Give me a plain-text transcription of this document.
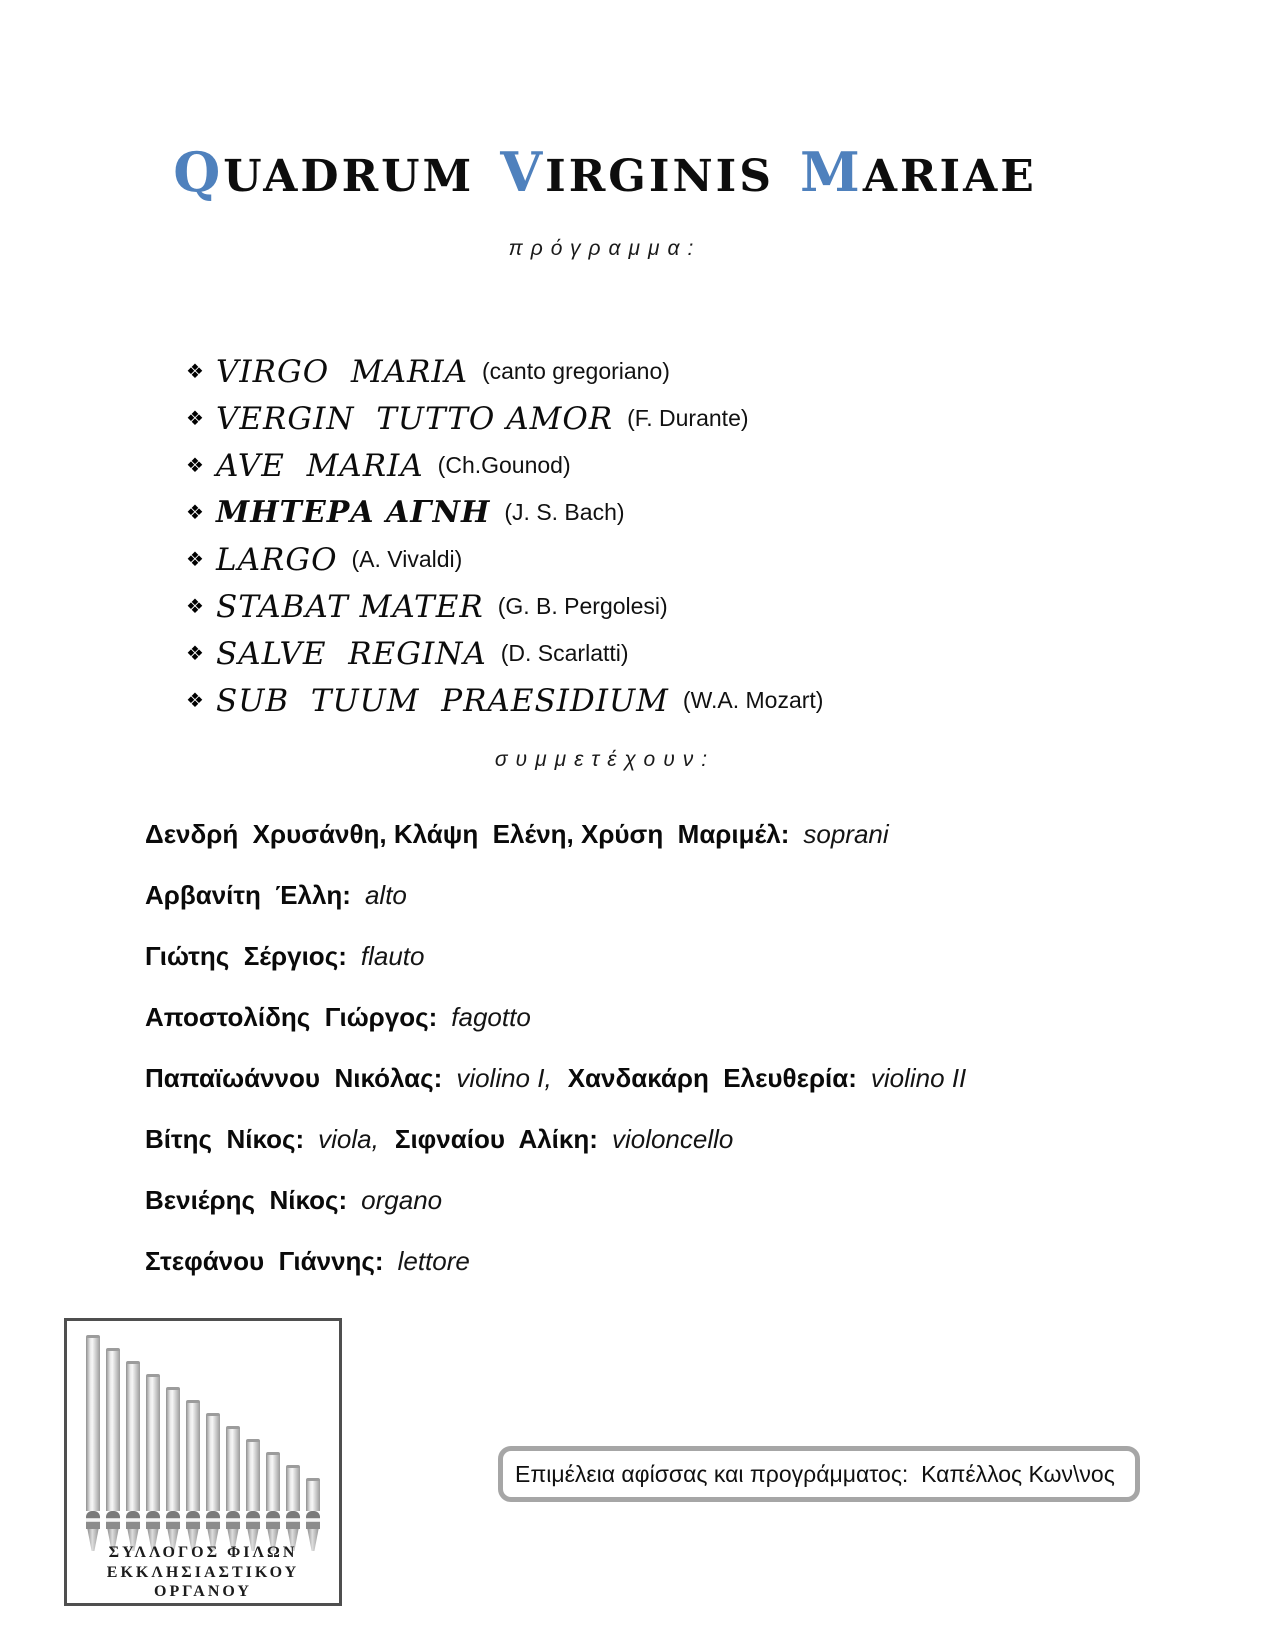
QUADRUM VIRGINIS MARIAE
πρόγραμμα:
❖ VIRGO  MARIA (canto gregoriano)
❖ VERGIN  TUTTO AMOR (F. Durante)
❖ AVE  MARIA (Ch.Gounod)
❖ ΜΗΤΕΡΑ ΑΓΝΗ (J. S. Bach)
❖ LARGO (A. Vivaldi)
❖ STABAT MATER (G. B. Pergolesi)
❖ SALVE  REGINA (D. Scarlatti)
❖ SUB  TUUM  PRAESIDIUM (W.A. Mozart)
συμμετέχουν:
Δενδρή  Χρυσάνθη, Κλάψη  Ελένη, Χρύση  Μαριμέλ: soprani
Αρβανίτη  Έλλη: alto
Γιώτης  Σέργιος: flauto
Αποστολίδης  Γιώργος: fagotto
Παπαϊωάννου  Νικόλας: violino I, Χανδακάρη  Ελευθερία: violino II
Βίτης  Νίκος: viola, Σιφναίου  Αλίκη: violoncello
Βενιέρης  Νίκος: organo
Στεφάνου  Γιάννης: lettore
ΣΥΛΛΟΓΟΣ ΦΙΛΩΝ
ΕΚΚΛΗΣΙΑΣΤΙΚΟΥ
ΟΡΓΑΝΟΥ
Επιμέλεια αφίσσας και προγράμματος:  Καπέλλος Κων\νος
